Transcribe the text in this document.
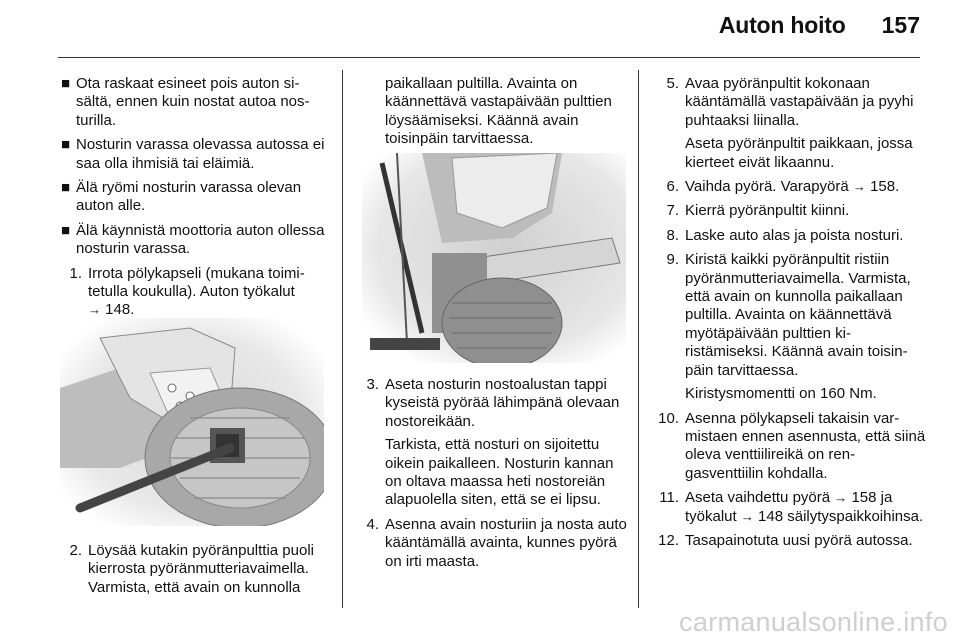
Auton hoito 157
■ Ota raskaat esineet pois auton sisältä, ennen kuin nostat autoa nosturilla.
■ Nosturin varassa olevassa autossa ei saa olla ihmisiä tai eläimiä.
■ Älä ryömi nosturin varassa olevan auton alle.
■ Älä käynnistä moottoria auton ollessa nosturin varassa.
1. Irrota pölykapseli (mukana toimitetulla koukulla). Auton työkalut
→ 148.
2. Löysää kutakin pyöränpulttia puoli kierrosta pyöränmutteriavaimella. Varmista, että avain on kunnolla
paikallaan pultilla. Avainta on käännettävä vastapäivään pulttien löysäämiseksi. Käännä avain toisinpäin tarvittaessa.
3. Aseta nosturin nostoalustan tappi kyseistä pyörää lähimpänä olevaan nostoreikään.
Tarkista, että nosturi on sijoitettu oikein paikalleen. Nosturin kannan on oltava maassa heti nostoreiän alapuolella siten, että se ei lipsu.
4. Asenna avain nosturiin ja nosta auto kääntämällä avainta, kunnes pyörä on irti maasta.
5. Avaa pyöränpultit kokonaan kääntämällä vastapäivään ja pyyhi puhtaaksi liinalla.
Aseta pyöränpultit paikkaan, jossa kierteet eivät likaannu.
6. Vaihda pyörä. Varapyörä → 158.
7. Kierrä pyöränpultit kiinni.
8. Laske auto alas ja poista nosturi.
9. Kiristä kaikki pyöränpultit ristiin pyöränmutteriavaimella. Varmista, että avain on kunnolla paikallaan pultilla. Avainta on käännettävä myötäpäivään pulttien kiristämiseksi. Käännä avain toisinpäin tarvittaessa.
Kiristysmomentti on 160 Nm.
10. Asenna pölykapseli takaisin varmistaen ennen asennusta, että siinä oleva venttiilireikä on rengasventtiilin kohdalla.
11. Aseta vaihdettu pyörä → 158 ja työkalut → 148 säilytyspaikkoihinsa.
12. Tasapainotuta uusi pyörä autossa.
carmanualsonline.info
